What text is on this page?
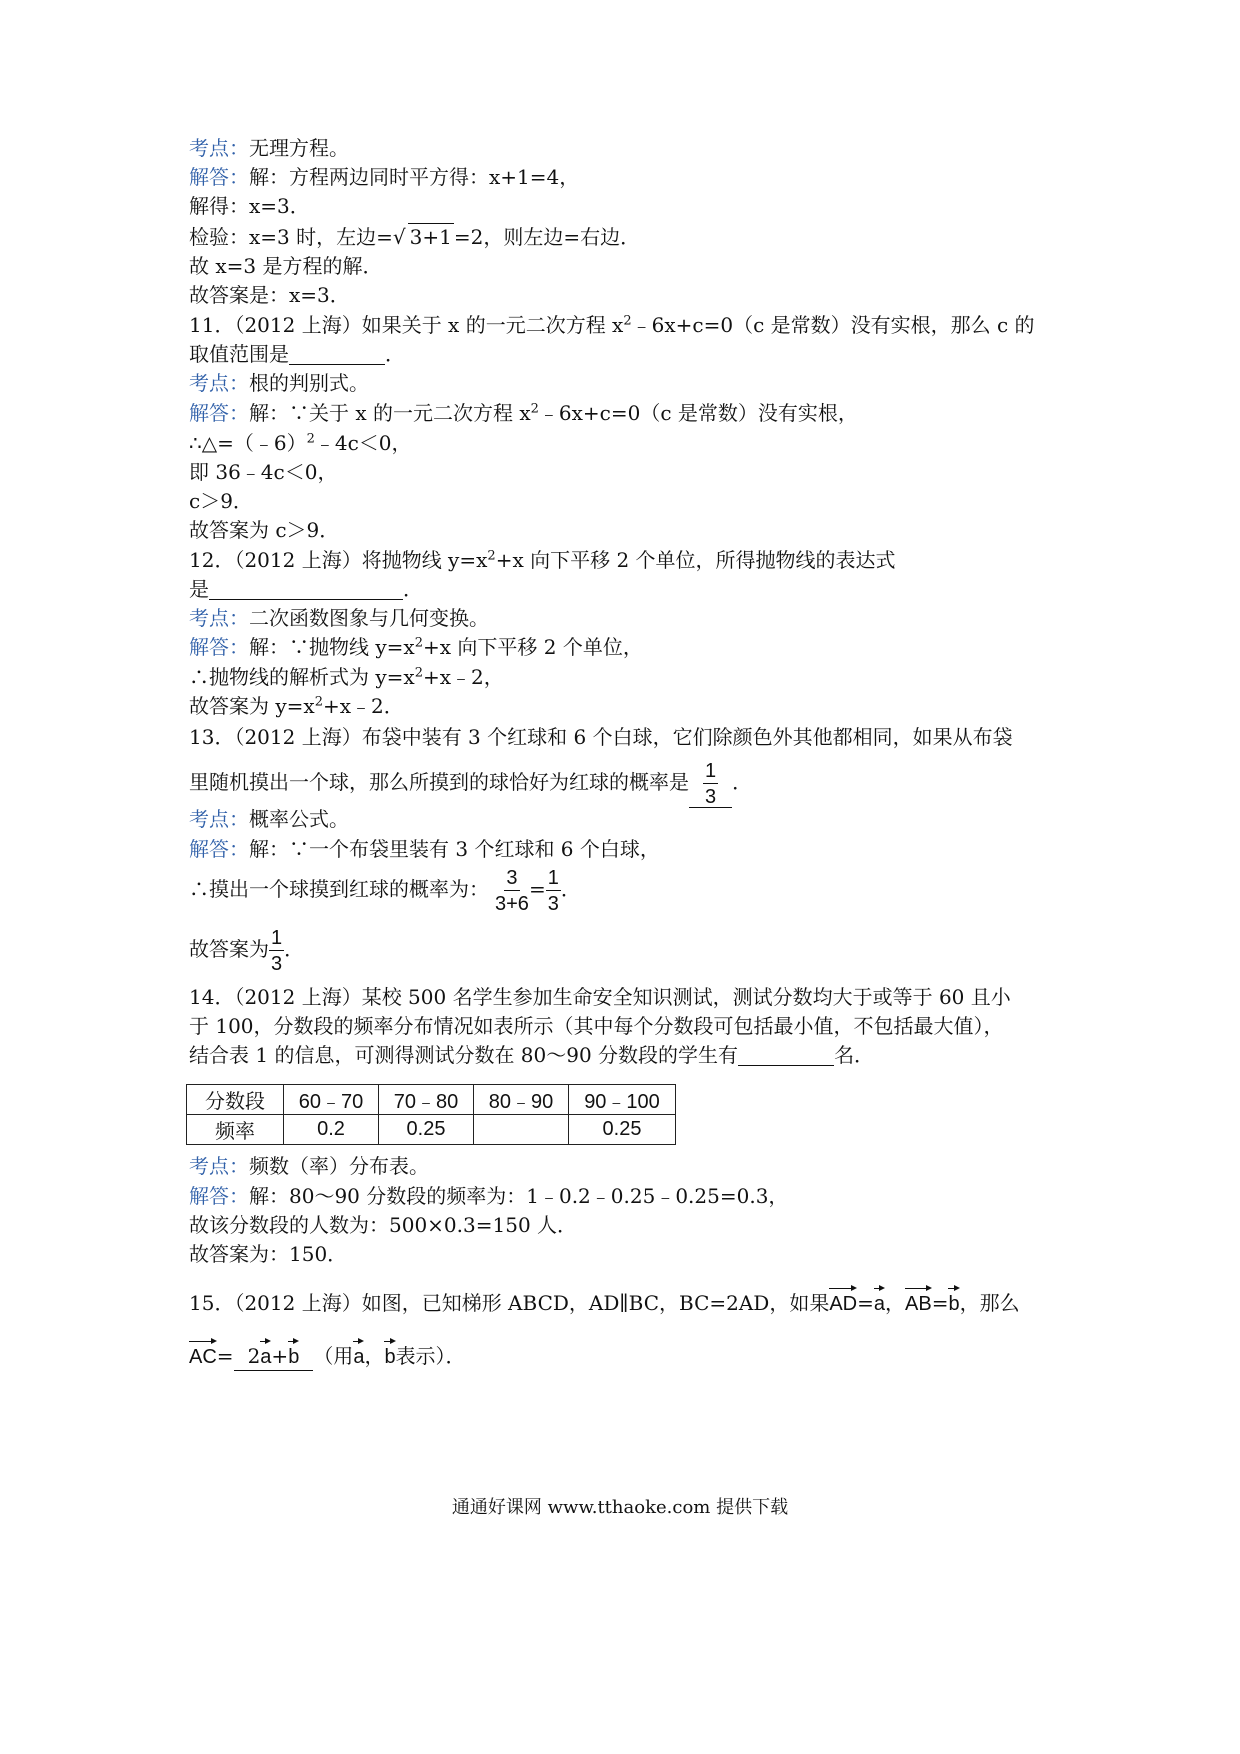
考点：无理方程。
解答：解：方程两边同时平方得：x+1=4，
解得：x=3．
检验：x=3 时，左边=√ 3+1 =2，则左边=右边．
故 x=3 是方程的解．
故答案是：x=3．
11．（2012 上海）如果关于 x 的一元二次方程 $x^2﹣6x+c=0(c$ 是常数）没有实根，那么 c 的
取值范围是	．
考点：根的判别式。
解答：解：∵关于 x 的一元二次方程 $x^2﹣6x+c=0(c$ 是常数）没有实根，
∴△=（﹣6）$^2$﹣4c＜0，
即 36﹣4c＜0，
c＞9．
故答案为 c＞9．
12．（2012 上海）将抛物线 $y=x^2+x$ 向下平移 2 个单位，所得抛物线的表达式
是	．
考点：二次函数图象与几何变换。
解答：解：∵抛物线 $y=x^2+x$ 向下平移 2 个单位，
∴抛物线的解析式为 $y=x^2+x﹣2$，
故答案为 $y=x^2+x﹣2$．
13．（2012 上海）布袋中装有 3 个红球和 6 个白球，它们除颜色外其他都相同，如果从布袋
里随机摸出一个球，那么所摸到的球恰好为红球的概率是 $\frac{1}{3}$ ．
考点：概率公式。
解答：解：∵一个布袋里装有 3 个红球和 6 个白球，
∴摸出一个球摸到红球的概率为： $\frac{3}{3+6} = \frac{1}{3}$ ．
故答案为 $\frac{1}{3}$ ．
14．（2012 上海）某校 500 名学生参加生命安全知识测试，测试分数均大于或等于 60 且小
于 100，分数段的频率分布情况如表所示（其中每个分数段可包括最小值，不包括最大值），
结合表 1 的信息，可测得测试分数在 80～90 分数段的学生有	名．
分数段	60﹣70	70﹣80	80﹣90	90﹣100
频率	0.2	0.25		0.25
考点：频数（率）分布表。
解答：解：80～90 分数段的频率为：1﹣0.2﹣0.25﹣0.25=0.3，
故该分数段的人数为：500×0.3=150 人．
故答案为：150．
15．（2012 上海）如图，已知梯形 ABCD，AD∥BC，BC=2AD，如果AD=a，AB=b，那么
AC= 2a+b （用a，b表示）．
通通好课网 www.tthaoke.com 提供下载
